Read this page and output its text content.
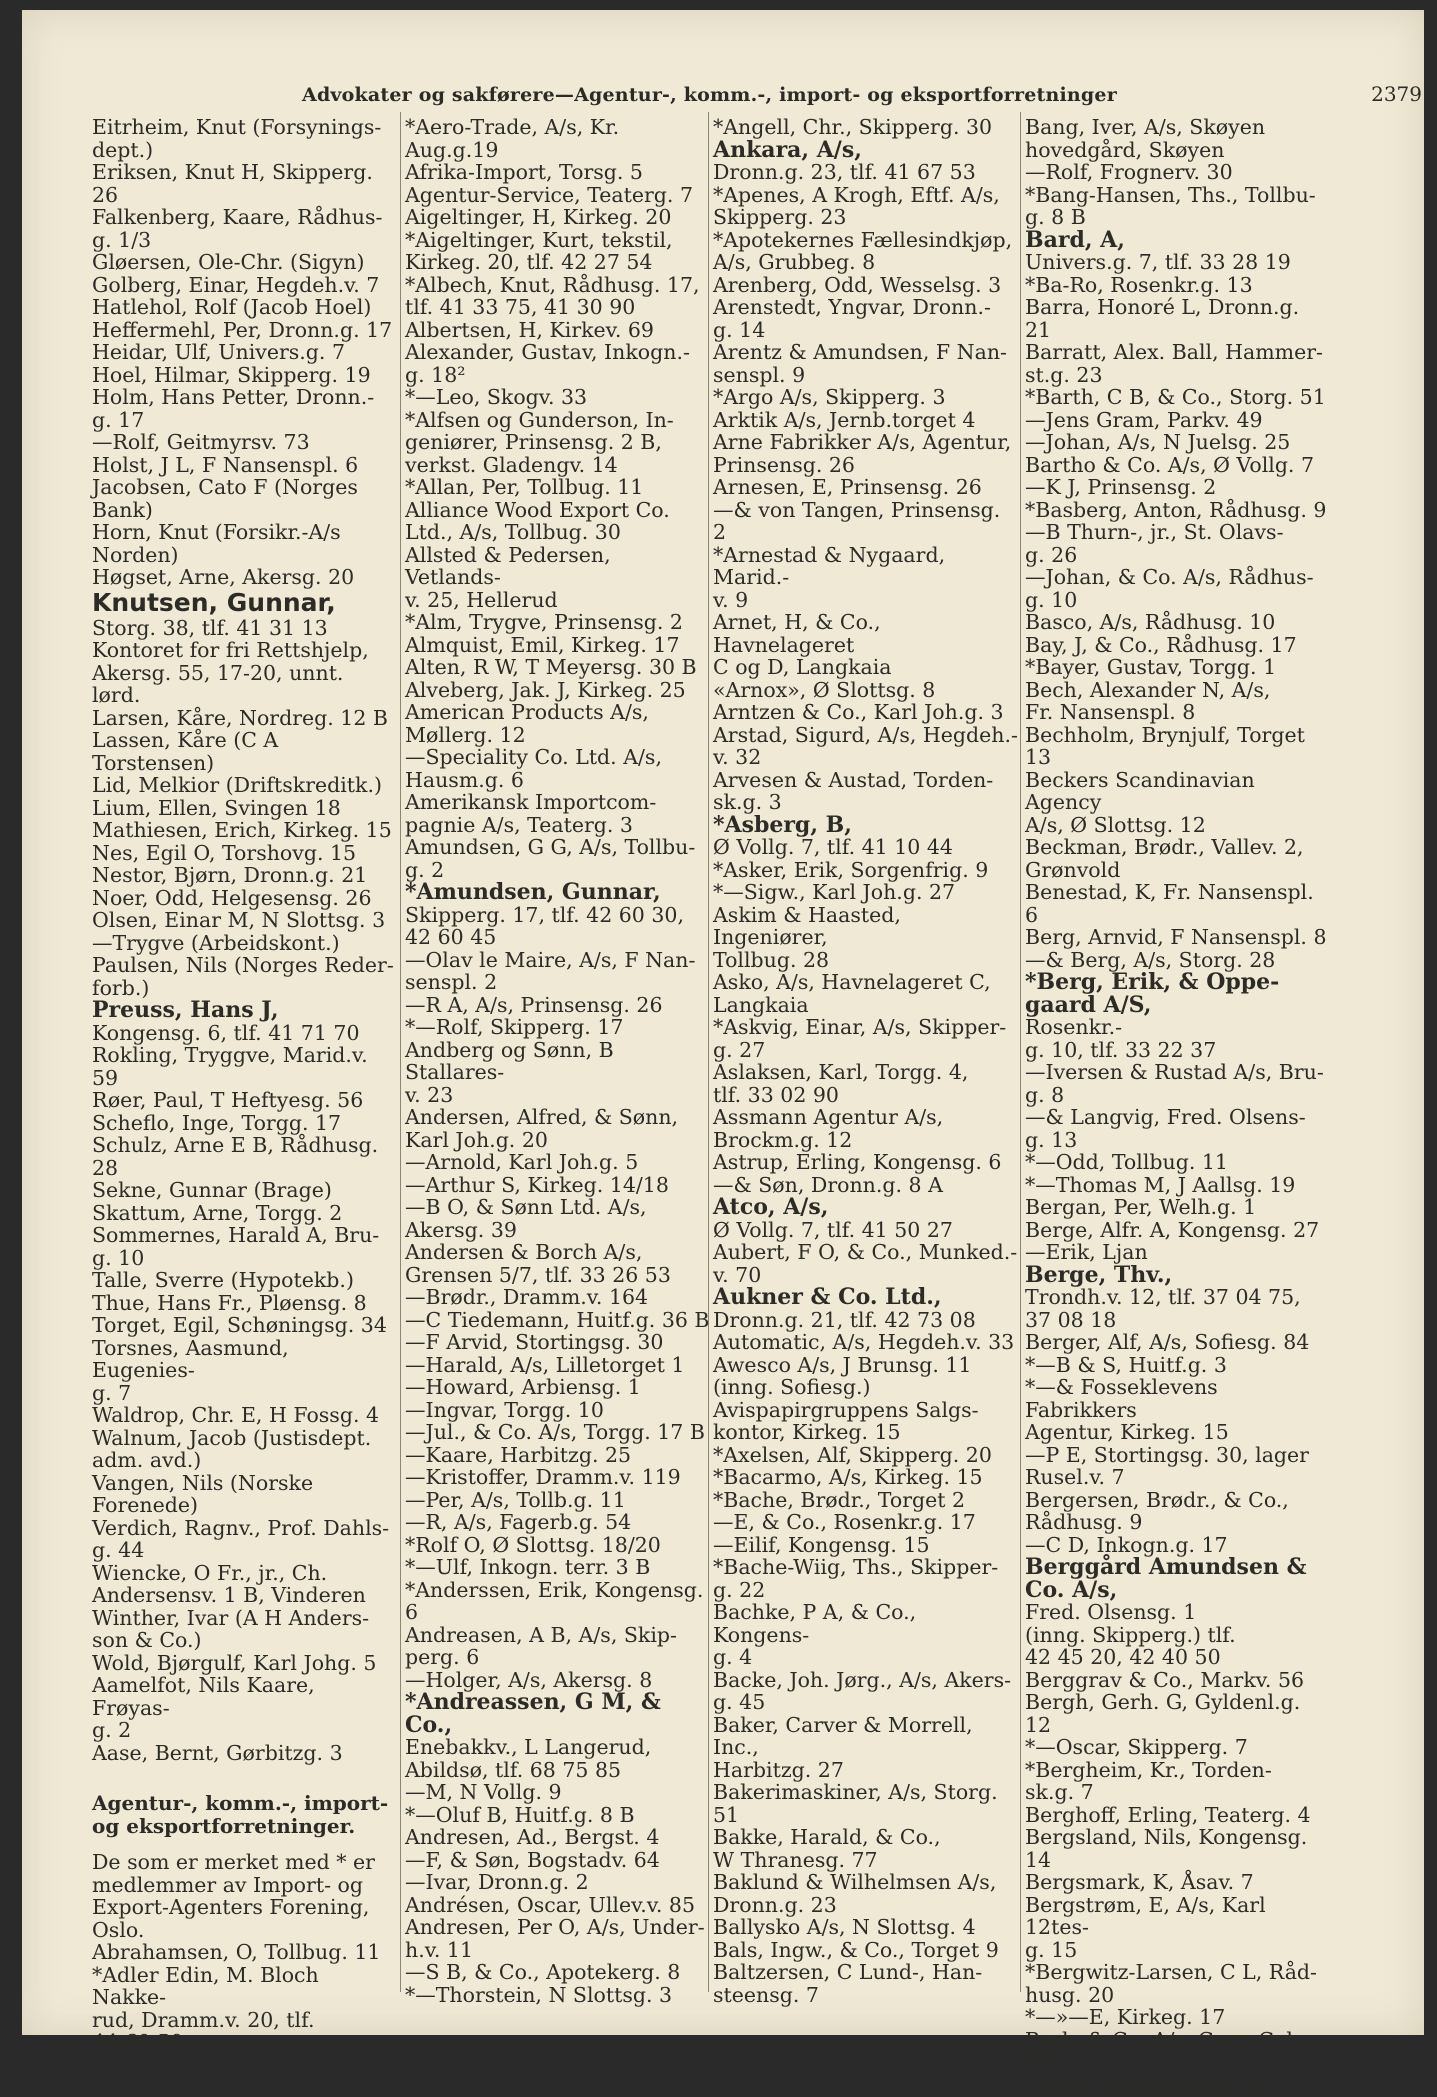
Advokater og sakførere—Agentur-, komm.-, import- og eksportforretninger	2379

Eitrheim, Knut (Forsynings-
dept.)

Eriksen, Knut H, Skipperg. 26

Falkenberg, Kaare, Rådhus-
g. 1/3

Gløersen, Ole-Chr. (Sigyn)

Golberg, Einar, Hegdeh.v. 7

Hatlehol, Rolf (Jacob Hoel)

Heffermehl, Per, Dronn.g. 17

Heidar, Ulf, Univers.g. 7

Hoel, Hilmar, Skipperg. 19

Holm, Hans Petter, Dronn.-
g. 17

—Rolf, Geitmyrsv. 73

Holst, J L, F Nansenspl. 6

Jacobsen, Cato F (Norges
Bank)

Horn, Knut (Forsikr.-A/s
Norden)

Høgset, Arne, Akersg. 20

Knutsen, Gunnar,

Storg. 38, tlf. 41 31 13

Kontoret for fri Rettshjelp,
Akersg. 55, 17-20, unnt.
lørd.

Larsen, Kåre, Nordreg. 12 B

Lassen, Kåre (C A Torstensen)

Lid, Melkior (Driftskreditk.)

Lium, Ellen, Svingen 18

Mathiesen, Erich, Kirkeg. 15

Nes, Egil O, Torshovg. 15

Nestor, Bjørn, Dronn.g. 21

Noer, Odd, Helgesensg. 26

Olsen, Einar M, N Slottsg. 3

—Trygve (Arbeidskont.)

Paulsen, Nils (Norges Reder-
forb.)

Preuss, Hans J,

Kongensg. 6, tlf. 41 71 70

Rokling, Tryggve, Marid.v. 59

Røer, Paul, T Heftyesg. 56

Scheflo, Inge, Torgg. 17

Schulz, Arne E B, Rådhusg. 28

Sekne, Gunnar (Brage)

Skattum, Arne, Torgg. 2

Sommernes, Harald A, Bru-
g. 10

Talle, Sverre (Hypotekb.)

Thue, Hans Fr., Pløensg. 8

Torget, Egil, Schøningsg. 34

Torsnes, Aasmund, Eugenies-
g. 7

Waldrop, Chr. E, H Fossg. 4

Walnum, Jacob (Justisdept.
adm. avd.)

Vangen, Nils (Norske
Forenede)

Verdich, Ragnv., Prof. Dahls-
g. 44

Wiencke, O Fr., jr., Ch.
Andersensv. 1 B, Vinderen

Winther, Ivar (A H Anders-
son & Co.)

Wold, Bjørgulf, Karl Johg. 5

Aamelfot, Nils Kaare, Frøyas-
g. 2

Aase, Bernt, Gørbitzg. 3

Agentur-, komm.-, import-
og eksportforretninger.

De som er merket med * er
medlemmer av Import- og
Export-Agenters Forening,
Oslo.

Abrahamsen, O, Tollbug. 11

*Adler Edin, M. Bloch Nakke-
rud, Dramm.v. 20, tlf.
44 60 50

*Aero-Trade, A/s, Kr. Aug.g.19

Afrika-Import, Torsg. 5

Agentur-Service, Teaterg. 7

Aigeltinger, H, Kirkeg. 20

*Aigeltinger, Kurt, tekstil,
Kirkeg. 20, tlf. 42 27 54

*Albech, Knut, Rådhusg. 17,
tlf. 41 33 75, 41 30 90

Albertsen, H, Kirkev. 69

Alexander, Gustav, Inkogn.-
g. 18²

*—Leo, Skogv. 33

*Alfsen og Gunderson, In-
geniører, Prinsensg. 2 B,
verkst. Gladengv. 14

*Allan, Per, Tollbug. 11

Alliance Wood Export Co.
Ltd., A/s, Tollbug. 30

Allsted & Pedersen, Vetlands-
v. 25, Hellerud

*Alm, Trygve, Prinsensg. 2

Almquist, Emil, Kirkeg. 17

Alten, R W, T Meyersg. 30 B

Alveberg, Jak. J, Kirkeg. 25

American Products A/s,
Møllerg. 12

—Speciality Co. Ltd. A/s,
Hausm.g. 6

Amerikansk Importcom-
pagnie A/s, Teaterg. 3

Amundsen, G G, A/s, Tollbu-
g. 2

*Amundsen, Gunnar,

Skipperg. 17, tlf. 42 60 30,
42 60 45

—Olav le Maire, A/s, F Nan-
senspl. 2

—R A, A/s, Prinsensg. 26

*—Rolf, Skipperg. 17

Andberg og Sønn, B Stallares-
v. 23

Andersen, Alfred, & Sønn,
Karl Joh.g. 20

—Arnold, Karl Joh.g. 5

—Arthur S, Kirkeg. 14/18

—B O, & Sønn Ltd. A/s,
Akersg. 39

Andersen & Borch A/s,
Grensen 5/7, tlf. 33 26 53

—Brødr., Dramm.v. 164

—C Tiedemann, Huitf.g. 36 B

—F Arvid, Stortingsg. 30

—Harald, A/s, Lilletorget 1

—Howard, Arbiensg. 1

—Ingvar, Torgg. 10

—Jul., & Co. A/s, Torgg. 17 B

—Kaare, Harbitzg. 25

—Kristoffer, Dramm.v. 119

—Per, A/s, Tollb.g. 11

—R, A/s, Fagerb.g. 54

*Rolf O, Ø Slottsg. 18/20

*—Ulf, Inkogn. terr. 3 B

*Anderssen, Erik, Kongensg. 6

Andreasen, A B, A/s, Skip-
perg. 6

—Holger, A/s, Akersg. 8

*Andreassen, G M, &
Co.,

Enebakkv., L Langerud,
Abildsø, tlf. 68 75 85

—M, N Vollg. 9

*—Oluf B, Huitf.g. 8 B

Andresen, Ad., Bergst. 4

—F, & Søn, Bogstadv. 64

—Ivar, Dronn.g. 2

Andrésen, Oscar, Ullev.v. 85

Andresen, Per O, A/s, Under-
h.v. 11

—S B, & Co., Apotekerg. 8

*—Thorstein, N Slottsg. 3

*Angell, Chr., Skipperg. 30

Ankara, A/s,

Dronn.g. 23, tlf. 41 67 53

*Apenes, A Krogh, Eftf. A/s,
Skipperg. 23

*Apotekernes Fællesindkjøp,
A/s, Grubbeg. 8

Arenberg, Odd, Wesselsg. 3

Arenstedt, Yngvar, Dronn.-
g. 14

Arentz & Amundsen, F Nan-
senspl. 9

*Argo A/s, Skipperg. 3

Arktik A/s, Jernb.torget 4

Arne Fabrikker A/s, Agentur,
Prinsensg. 26

Arnesen, E, Prinsensg. 26

—& von Tangen, Prinsensg. 2

*Arnestad & Nygaard, Marid.-
v. 9

Arnet, H, & Co., Havnelageret
C og D, Langkaia

«Arnox», Ø Slottsg. 8

Arntzen & Co., Karl Joh.g. 3

Arstad, Sigurd, A/s, Hegdeh.-
v. 32

Arvesen & Austad, Torden-
sk.g. 3

*Asberg, B,

Ø Vollg. 7, tlf. 41 10 44

*Asker, Erik, Sorgenfrig. 9

*—Sigw., Karl Joh.g. 27

Askim & Haasted, Ingeniører,
Tollbug. 28

Asko, A/s, Havnelageret C,
Langkaia

*Askvig, Einar, A/s, Skipper-
g. 27

Aslaksen, Karl, Torgg. 4,
tlf. 33 02 90

Assmann Agentur A/s,
Brockm.g. 12

Astrup, Erling, Kongensg. 6

—& Søn, Dronn.g. 8 A

Atco, A/s,

Ø Vollg. 7, tlf. 41 50 27

Aubert, F O, & Co., Munked.-
v. 70

Aukner & Co. Ltd.,

Dronn.g. 21, tlf. 42 73 08

Automatic, A/s, Hegdeh.v. 33

Awesco A/s, J Brunsg. 11
(inng. Sofiesg.)

Avispapirgruppens Salgs-
kontor, Kirkeg. 15

*Axelsen, Alf, Skipperg. 20

*Bacarmo, A/s, Kirkeg. 15

*Bache, Brødr., Torget 2

—E, & Co., Rosenkr.g. 17

—Eilif, Kongensg. 15

*Bache-Wiig, Ths., Skipper-
g. 22

Bachke, P A, & Co., Kongens-
g. 4

Backe, Joh. Jørg., A/s, Akers-
g. 45

Baker, Carver & Morrell, Inc.,
Harbitzg. 27

Bakerimaskiner, A/s, Storg. 51

Bakke, Harald, & Co.,
W Thranesg. 77

Baklund & Wilhelmsen A/s,
Dronn.g. 23

Ballysko A/s, N Slottsg. 4

Bals, Ingw., & Co., Torget 9

Baltzersen, C Lund-, Han-
steensg. 7

Bang, Iver, A/s, Skøyen
hovedgård, Skøyen

—Rolf, Frognerv. 30

*Bang-Hansen, Ths., Tollbu-
g. 8 B

Bard, A,

Univers.g. 7, tlf. 33 28 19

*Ba-Ro, Rosenkr.g. 13

Barra, Honoré L, Dronn.g. 21

Barratt, Alex. Ball, Hammer-
st.g. 23

*Barth, C B, & Co., Storg. 51

—Jens Gram, Parkv. 49

—Johan, A/s, N Juelsg. 25

Bartho & Co. A/s, Ø Vollg. 7

—K J, Prinsensg. 2

*Basberg, Anton, Rådhusg. 9

—B Thurn-, jr., St. Olavs-
g. 26

—Johan, & Co. A/s, Rådhus-
g. 10

Basco, A/s, Rådhusg. 10

Bay, J, & Co., Rådhusg. 17

*Bayer, Gustav, Torgg. 1

Bech, Alexander N, A/s,
Fr. Nansenspl. 8

Bechholm, Brynjulf, Torget 13

Beckers Scandinavian Agency
A/s, Ø Slottsg. 12

Beckman, Brødr., Vallev. 2,
Grønvold

Benestad, K, Fr. Nansenspl. 6

Berg, Arnvid, F Nansenspl. 8

—& Berg, A/s, Storg. 28

*Berg, Erik, & Oppe-
gaard A/S,

Rosenkr.-
g. 10, tlf. 33 22 37

—Iversen & Rustad A/s, Bru-
g. 8

—& Langvig, Fred. Olsens-
g. 13

*—Odd, Tollbug. 11

*—Thomas M, J Aallsg. 19

Bergan, Per, Welh.g. 1

Berge, Alfr. A, Kongensg. 27

—Erik, Ljan

Berge, Thv.,

Trondh.v. 12, tlf. 37 04 75,
37 08 18

Berger, Alf, A/s, Sofiesg. 84

*—B & S, Huitf.g. 3

*—& Fosseklevens Fabrikkers
Agentur, Kirkeg. 15

—P E, Stortingsg. 30, lager
Rusel.v. 7

Bergersen, Brødr., & Co.,
Rådhusg. 9

—C D, Inkogn.g. 17

Berggård Amundsen &
Co. A/s,

Fred. Olsensg. 1
(inng. Skipperg.) tlf.
42 45 20, 42 40 50

Berggrav & Co., Markv. 56

Bergh, Gerh. G, Gyldenl.g. 12

*—Oscar, Skipperg. 7

*Bergheim, Kr., Torden-
sk.g. 7

Berghoff, Erling, Teaterg. 4

Bergsland, Nils, Kongensg. 14

Bergsmark, K, Åsav. 7

Bergstrøm, E, A/s, Karl 12tes-
g. 15

*Bergwitz-Larsen, C L, Råd-
husg. 20

*—»—E, Kirkeg. 17

Berle & Co. A/s, Cam. Col-
lettsv. 9

—Jens, Havsfjordsg. 39
